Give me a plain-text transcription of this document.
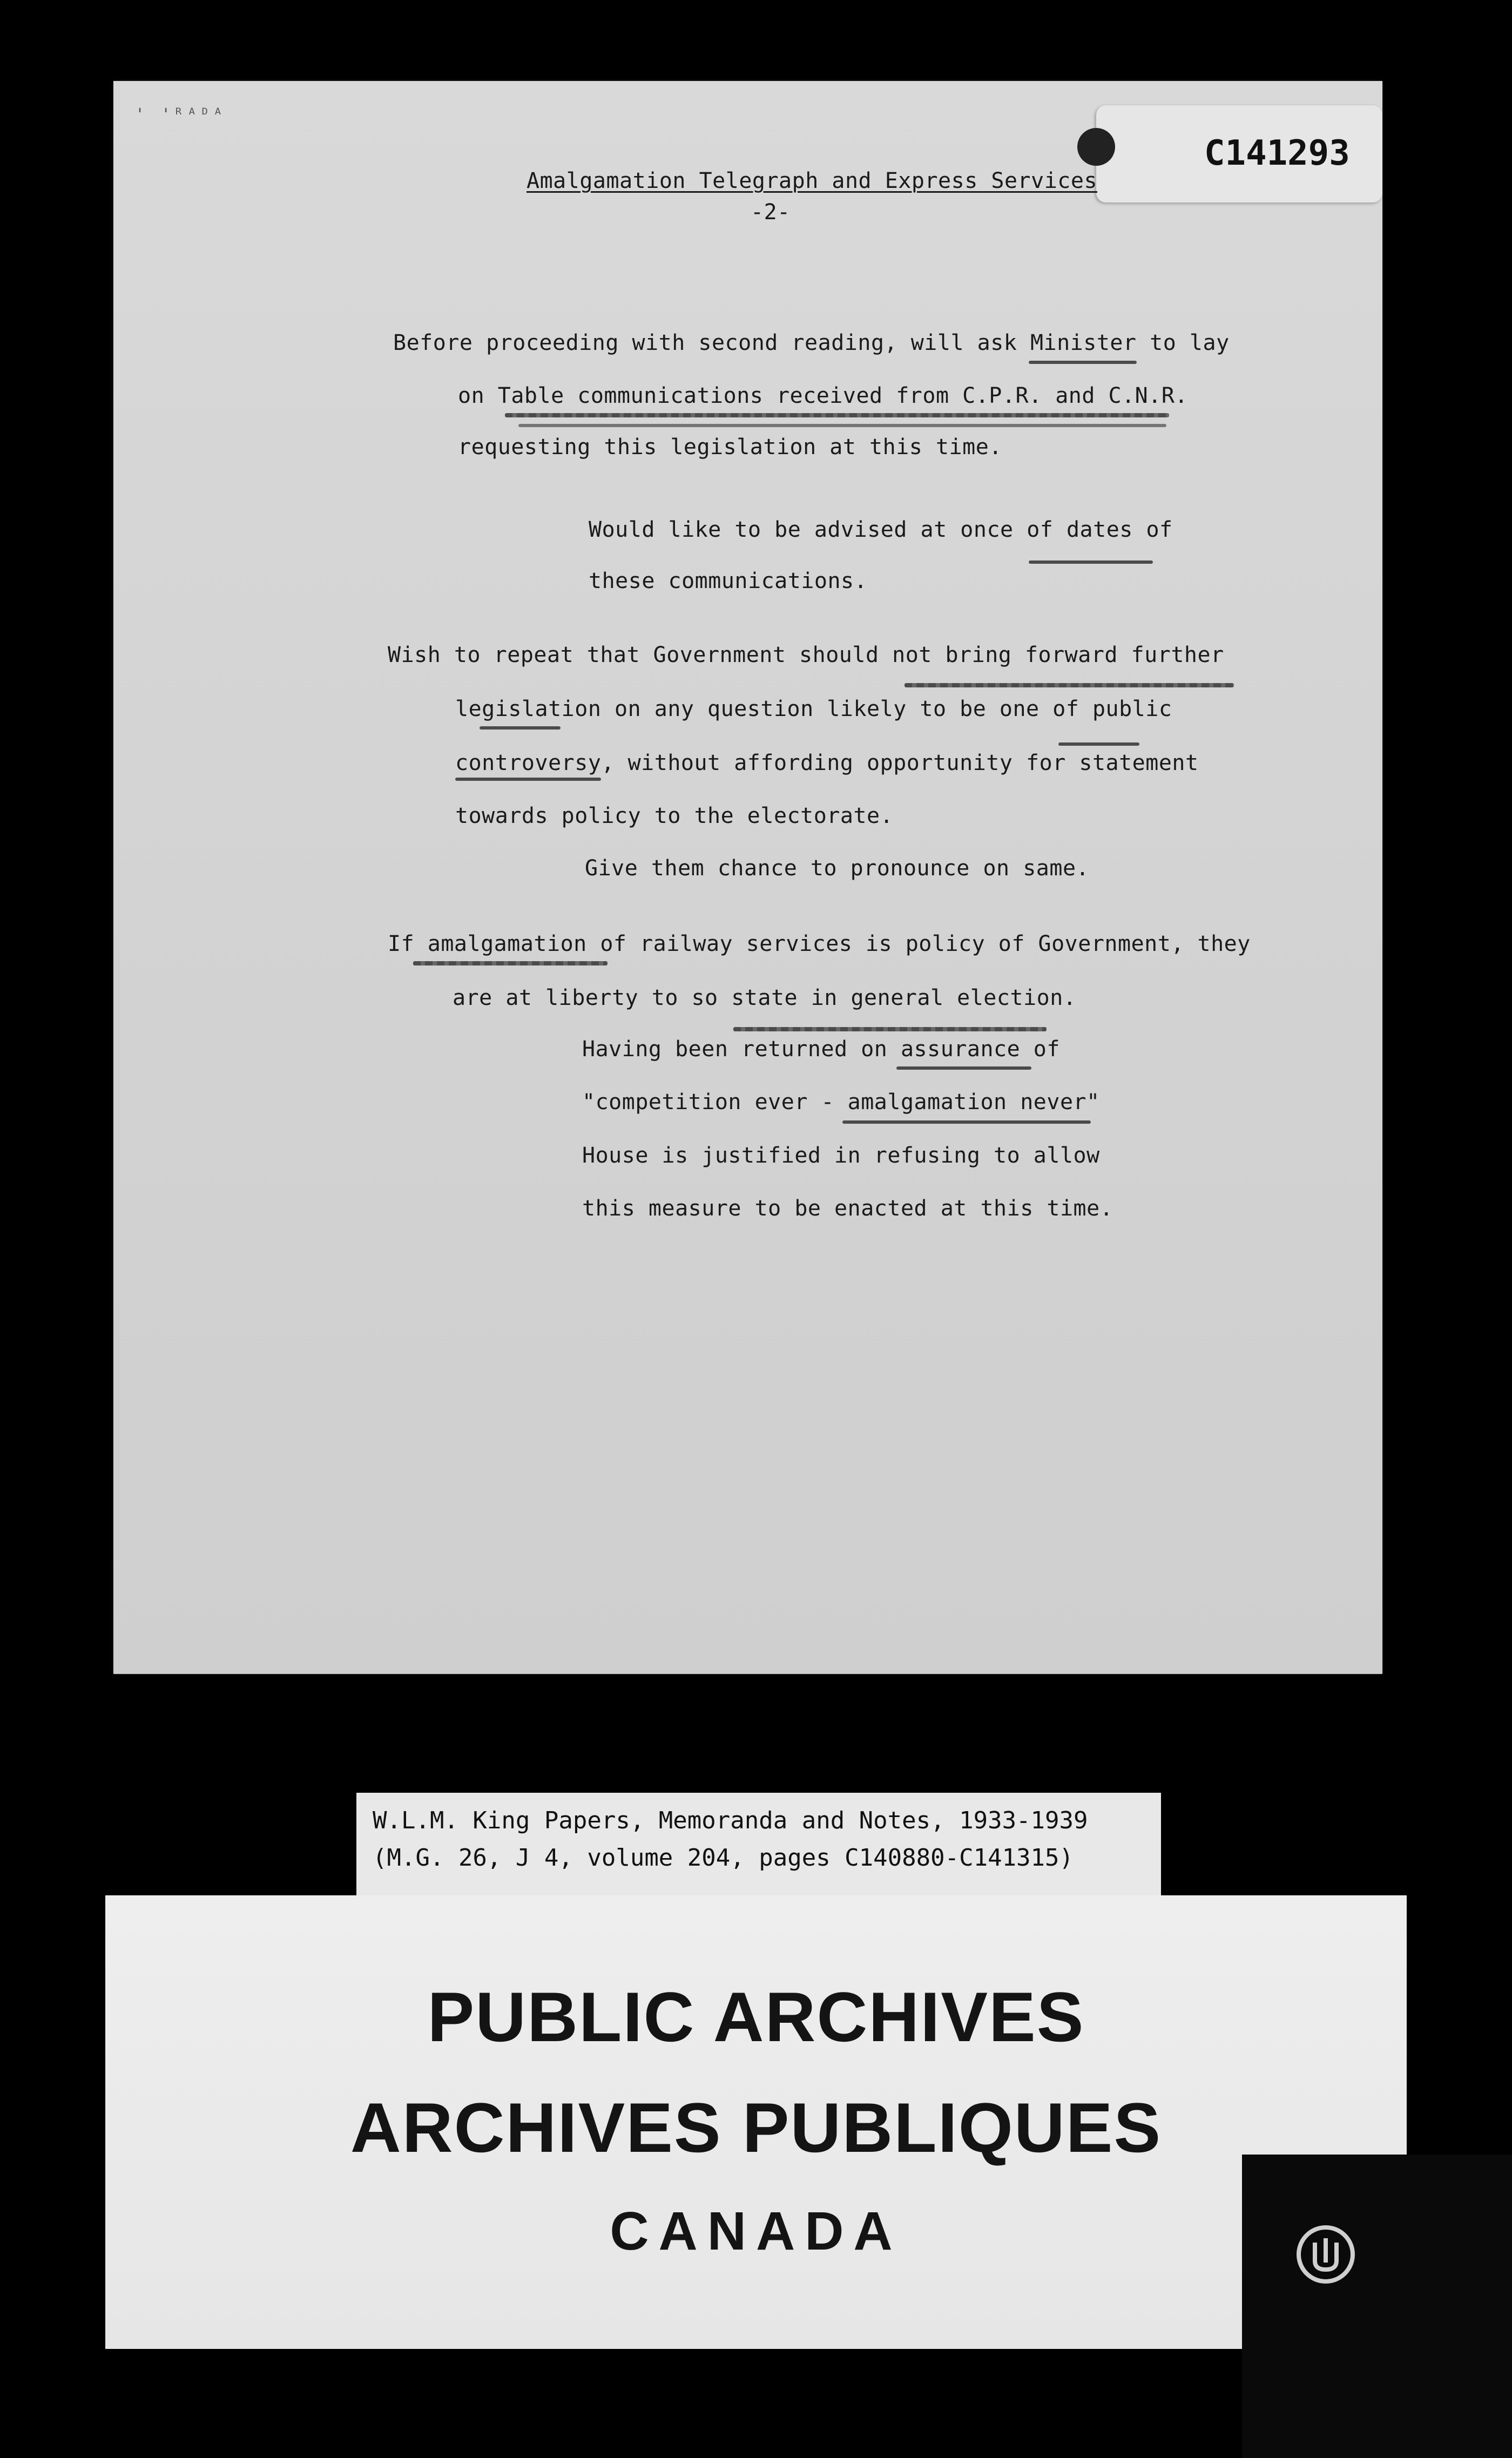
' 'ᴿᴬᴰᴬ
C141293
Amalgamation Telegraph and Express Services
-2-
Before proceeding with second reading, will ask Minister to lay
on Table communications received from C.P.R. and C.N.R.
requesting this legislation at this time.
Would like to be advised at once of dates of
these communications.
Wish to repeat that Government should not bring forward further
legislation on any question likely to be one of public
controversy, without affording opportunity for statement
towards policy to the electorate.
Give them chance to pronounce on same.
If amalgamation of railway services is policy of Government, they
are at liberty to so state in general election.
Having been returned on assurance of
"competition ever - amalgamation never"
House is justified in refusing to allow
this measure to be enacted at this time.
W.L.M. King Papers, Memoranda and Notes, 1933-1939
(M.G. 26, J 4, volume 204, pages C140880-C141315)
PUBLIC ARCHIVES
ARCHIVES PUBLIQUES
CANADA
